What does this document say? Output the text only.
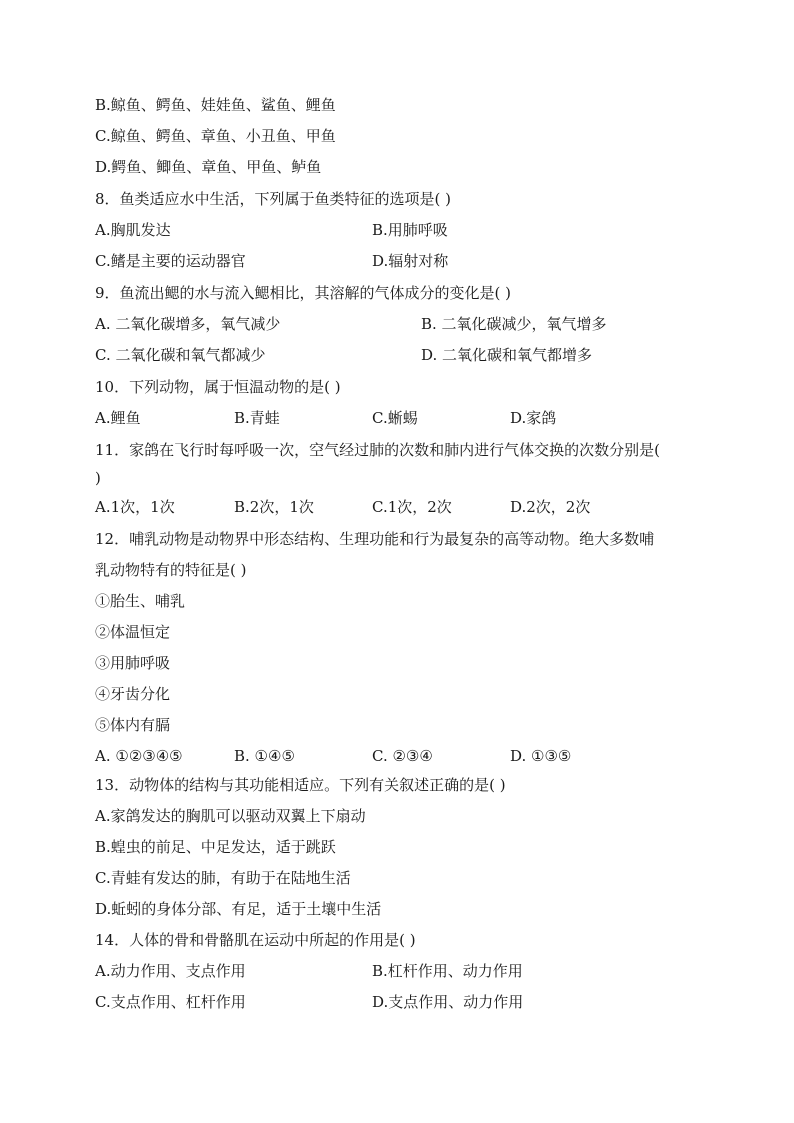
B.鲸鱼、鳄鱼、娃娃鱼、鲨鱼、鲤鱼
C.鲸鱼、鳄鱼、章鱼、小丑鱼、甲鱼
D.鳄鱼、鲫鱼、章鱼、甲鱼、鲈鱼
8．鱼类适应水中生活，下列属于鱼类特征的选项是( )
A.胸肌发达	B.用肺呼吸
C.鳍是主要的运动器官	D.辐射对称
9．鱼流出鳃的水与流入鳃相比，其溶解的气体成分的变化是( )
A. 二氧化碳增多，氧气减少	B. 二氧化碳减少，氧气增多
C. 二氧化碳和氧气都减少	D. 二氧化碳和氧气都增多
10．下列动物，属于恒温动物的是( )
A.鲤鱼	B.青蛙	C.蜥蜴	D.家鸽
11．家鸽在飞行时每呼吸一次，空气经过肺的次数和肺内进行气体交换的次数分别是(
)
A.1次，1次	B.2次，1次	C.1次，2次	D.2次，2次
12．哺乳动物是动物界中形态结构、生理功能和行为最复杂的高等动物。绝大多数哺
乳动物特有的特征是( )
①胎生、哺乳
②体温恒定
③用肺呼吸
④牙齿分化
⑤体内有膈
A. ①②③④⑤	B. ①④⑤	C. ②③④	D. ①③⑤
13．动物体的结构与其功能相适应。下列有关叙述正确的是( )
A.家鸽发达的胸肌可以驱动双翼上下扇动
B.蝗虫的前足、中足发达，适于跳跃
C.青蛙有发达的肺，有助于在陆地生活
D.蚯蚓的身体分部、有足，适于土壤中生活
14．人体的骨和骨骼肌在运动中所起的作用是( )
A.动力作用、支点作用	B.杠杆作用、动力作用
C.支点作用、杠杆作用	D.支点作用、动力作用
